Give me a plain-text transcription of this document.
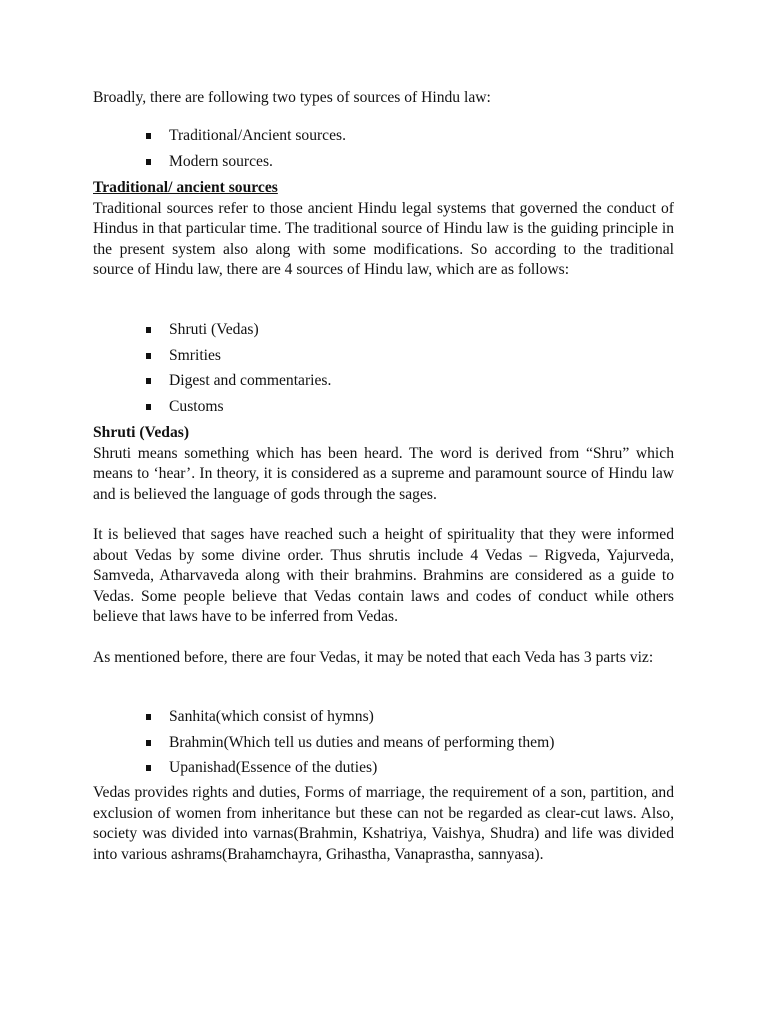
Broadly, there are following two types of sources of Hindu law:

Traditional/Ancient sources.
Modern sources.

Traditional/ ancient sources

Traditional sources refer to those ancient Hindu legal systems that governed the conduct of Hindus in that particular time. The traditional source of Hindu law is the guiding principle in the present system also along with some modifications. So according to the traditional source of Hindu law, there are 4 sources of Hindu law, which are as follows:

Shruti (Vedas)
Smrities
Digest and commentaries.
Customs

Shruti (Vedas)

Shruti means something which has been heard. The word is derived from “Shru” which means to ‘hear’. In theory, it is considered as a supreme and paramount source of Hindu law and is believed the language of gods through the sages.

It is believed that sages have reached such a height of spirituality that they were informed about Vedas by some divine order. Thus shrutis include 4 Vedas – Rigveda, Yajurveda, Samveda, Atharvaveda along with their brahmins. Brahmins are considered as a guide to Vedas. Some people believe that Vedas contain laws and codes of conduct while others believe that laws have to be inferred from Vedas.

As mentioned before, there are four Vedas, it may be noted that each Veda has 3 parts viz:

Sanhita(which consist of hymns)
Brahmin(Which tell us duties and means of performing them)
Upanishad(Essence of the duties)

Vedas provides rights and duties, Forms of marriage, the requirement of a son, partition, and exclusion of women from inheritance but these can not be regarded as clear-cut laws. Also, society was divided into varnas(Brahmin, Kshatriya, Vaishya, Shudra) and life was divided into various ashrams(Brahamchayra, Grihastha, Vanaprastha, sannyasa).
